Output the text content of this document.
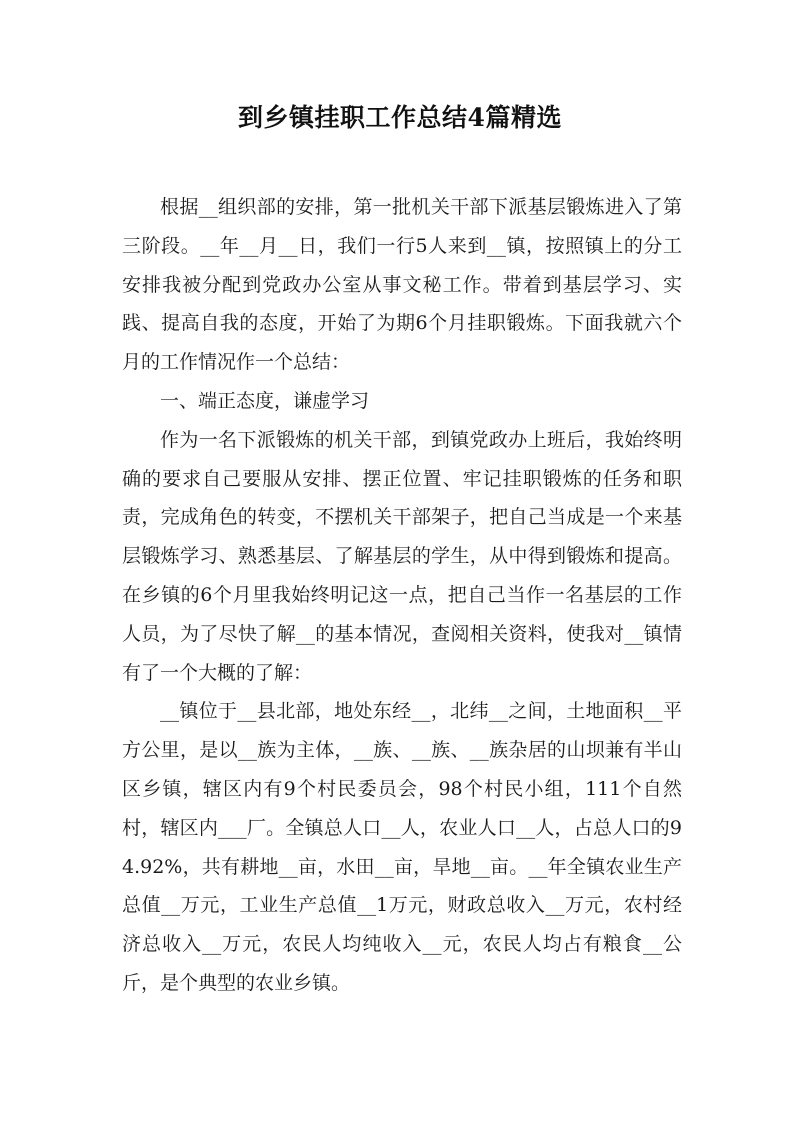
到乡镇挂职工作总结4篇精选

根据__组织部的安排，第一批机关干部下派基层锻炼进入了第三阶段。__年__月__日，我们一行5人来到__镇，按照镇上的分工安排我被分配到党政办公室从事文秘工作。带着到基层学习、实践、提高自我的态度，开始了为期6个月挂职锻炼。下面我就六个月的工作情况作一个总结：

一、端正态度，谦虚学习

作为一名下派锻炼的机关干部，到镇党政办上班后，我始终明确的要求自己要服从安排、摆正位置、牢记挂职锻炼的任务和职责，完成角色的转变，不摆机关干部架子，把自己当成是一个来基层锻炼学习、熟悉基层、了解基层的学生，从中得到锻炼和提高。在乡镇的6个月里我始终明记这一点，把自己当作一名基层的工作人员，为了尽快了解__的基本情况，查阅相关资料，使我对__镇情有了一个大概的了解：

__镇位于__县北部，地处东经__，北纬__之间，土地面积__平方公里，是以__族为主体，__族、__族、__族杂居的山坝兼有半山区乡镇，辖区内有9个村民委员会，98个村民小组，111个自然村，辖区内___厂。全镇总人口__人，农业人口__人，占总人口的94.92%，共有耕地__亩，水田__亩，旱地__亩。__年全镇农业生产总值__万元，工业生产总值__1万元，财政总收入__万元，农村经济总收入__万元，农民人均纯收入__元，农民人均占有粮食__公斤，是个典型的农业乡镇。
